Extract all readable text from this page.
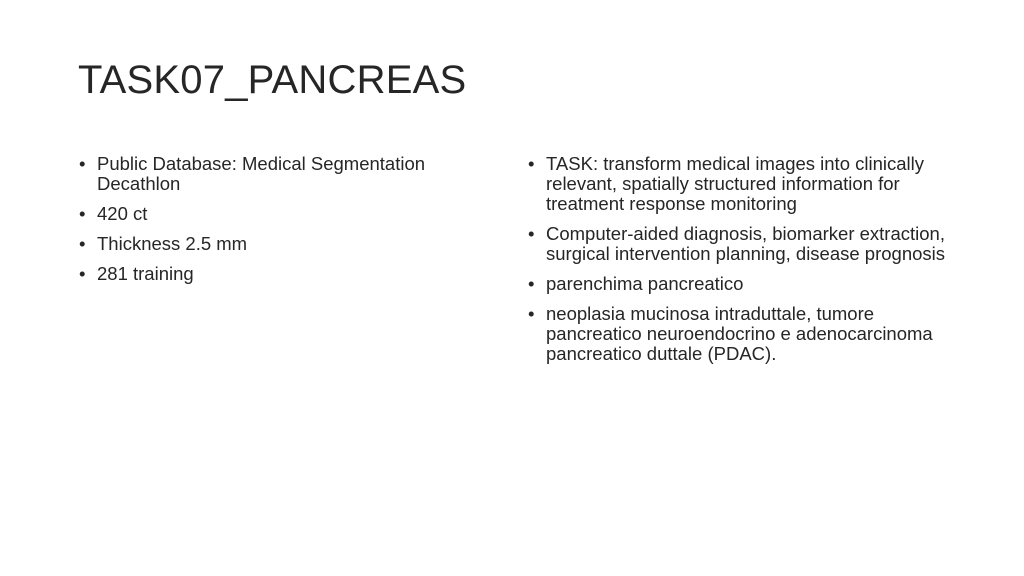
TASK07_PANCREAS
• Public Database: Medical Segmentation Decathlon
• 420 ct
• Thickness 2.5 mm
• 281 training
• TASK: transform medical images into clinically relevant, spatially structured information for treatment response monitoring
• Computer-aided diagnosis, biomarker extraction, surgical intervention planning, disease prognosis
• parenchima pancreatico
• neoplasia mucinosa intraduttale, tumore pancreatico neuroendocrino e adenocarcinoma pancreatico duttale (PDAC).
